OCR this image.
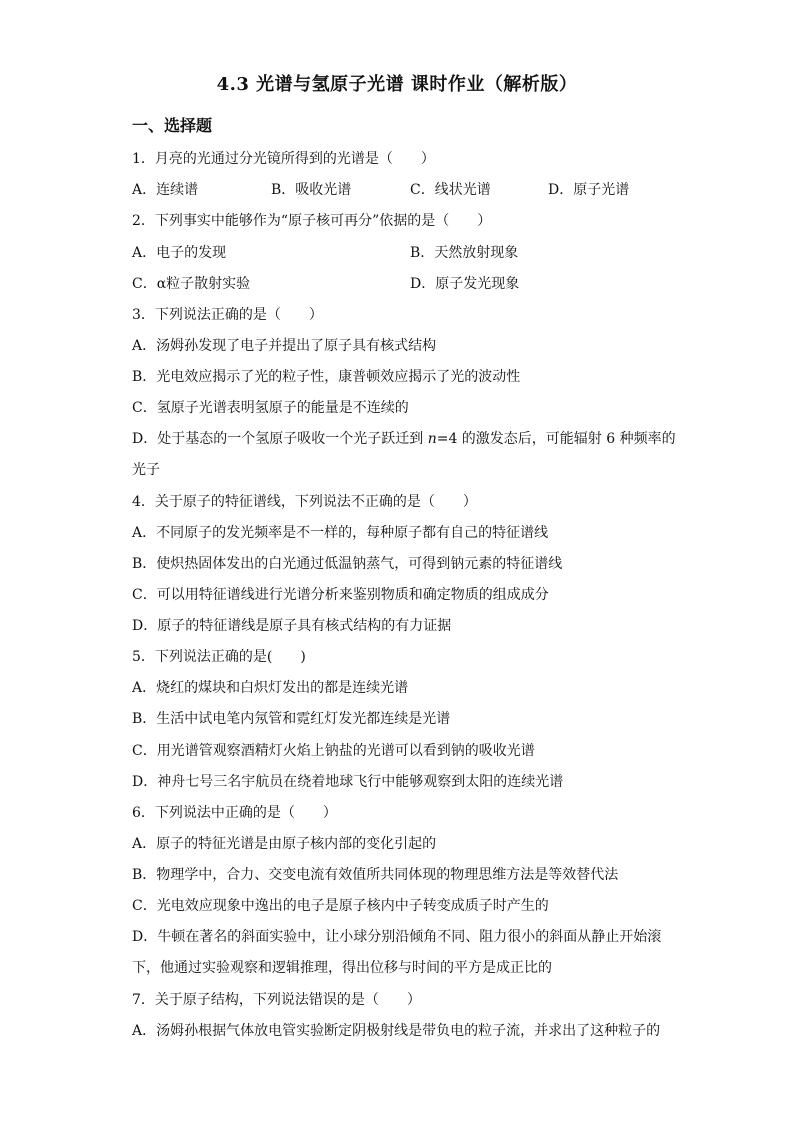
4.3 光谱与氢原子光谱 课时作业（解析版）
一、选择题
1．月亮的光通过分光镜所得到的光谱是（　　）
A．连续谱	B．吸收光谱	C．线状光谱	D．原子光谱
2．下列事实中能够作为“原子核可再分”依据的是（　　）
A．电子的发现	B．天然放射现象
C．α粒子散射实验	D．原子发光现象
3．下列说法正确的是（　　）
A．汤姆孙发现了电子并提出了原子具有核式结构
B．光电效应揭示了光的粒子性，康普顿效应揭示了光的波动性
C．氢原子光谱表明氢原子的能量是不连续的
D．处于基态的一个氢原子吸收一个光子跃迁到 n=4 的激发态后，可能辐射 6 种频率的
光子
4．关于原子的特征谱线，下列说法不正确的是（　　）
A．不同原子的发光频率是不一样的，每种原子都有自己的特征谱线
B．使炽热固体发出的白光通过低温钠蒸气，可得到钠元素的特征谱线
C．可以用特征谱线进行光谱分析来鉴别物质和确定物质的组成成分
D．原子的特征谱线是原子具有核式结构的有力证据
5．下列说法正确的是(　　)
A．烧红的煤块和白炽灯发出的都是连续光谱
B．生活中试电笔内氖管和霓红灯发光都连续是光谱
C．用光谱管观察酒精灯火焰上钠盐的光谱可以看到钠的吸收光谱
D．神舟七号三名宇航员在绕着地球飞行中能够观察到太阳的连续光谱
6．下列说法中正确的是（　　）
A．原子的特征光谱是由原子核内部的变化引起的
B．物理学中，合力、交变电流有效值所共同体现的物理思维方法是等效替代法
C．光电效应现象中逸出的电子是原子核内中子转变成质子时产生的
D．牛顿在著名的斜面实验中，让小球分别沿倾角不同、阻力很小的斜面从静止开始滚
下，他通过实验观察和逻辑推理，得出位移与时间的平方是成正比的
7．关于原子结构，下列说法错误的是（　　）
A．汤姆孙根据气体放电管实验断定阴极射线是带负电的粒子流，并求出了这种粒子的
